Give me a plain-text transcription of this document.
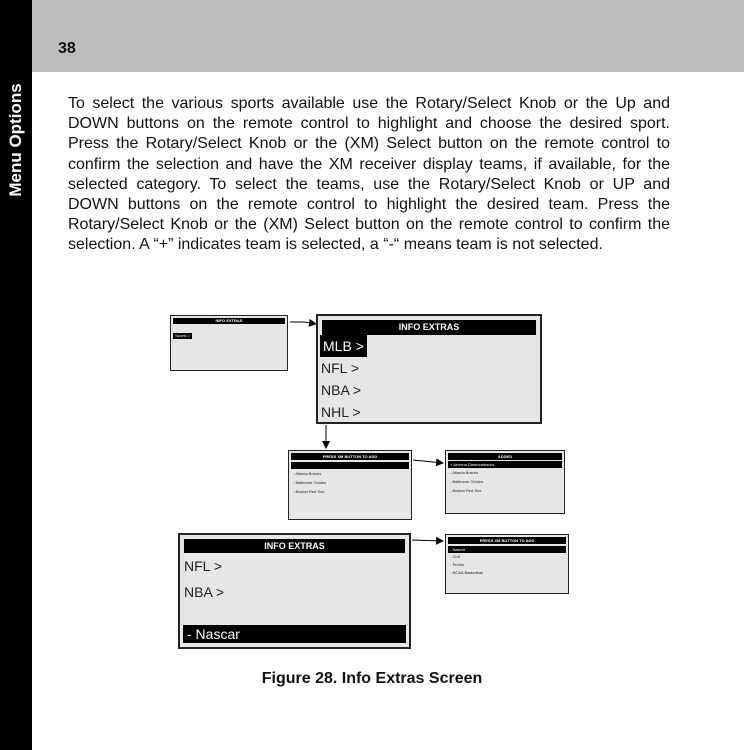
Menu Options
38

To select the various sports available use the Rotary/Select Knob or the Up and DOWN buttons on the remote control to highlight and choose the desired sport. Press the Rotary/Select Knob or the (XM) Select button on the remote control to confirm the selection and have the XM receiver display teams, if available, for the selected category. To select the teams, use the Rotary/Select Knob or UP and DOWN buttons on the remote control to highlight the desired team. Press the Rotary/Select Knob or the (XM) Select button on the remote control to confirm the selection. A “+” indicates team is selected, a “-“ means team is not selected.

INFO EXTRAS
Sports >
INFO EXTRAS
MLB >
NFL >
NBA >
NHL >
PRESS XM BUTTON TO ADD
- Atlanta Braves
- Baltimore Orioles
- Boston Red Sox
ADDED
+ Arizona Diamondbacks
- Atlanta Braves
- Baltimore Orioles
- Boston Red Sox
INFO EXTRAS
NFL >
NBA >
- Nascar
PRESS XM BUTTON TO ADD
- Nascar
- Golf
- Tennis
- NCAA Basketball
Figure 28. Info Extras Screen
